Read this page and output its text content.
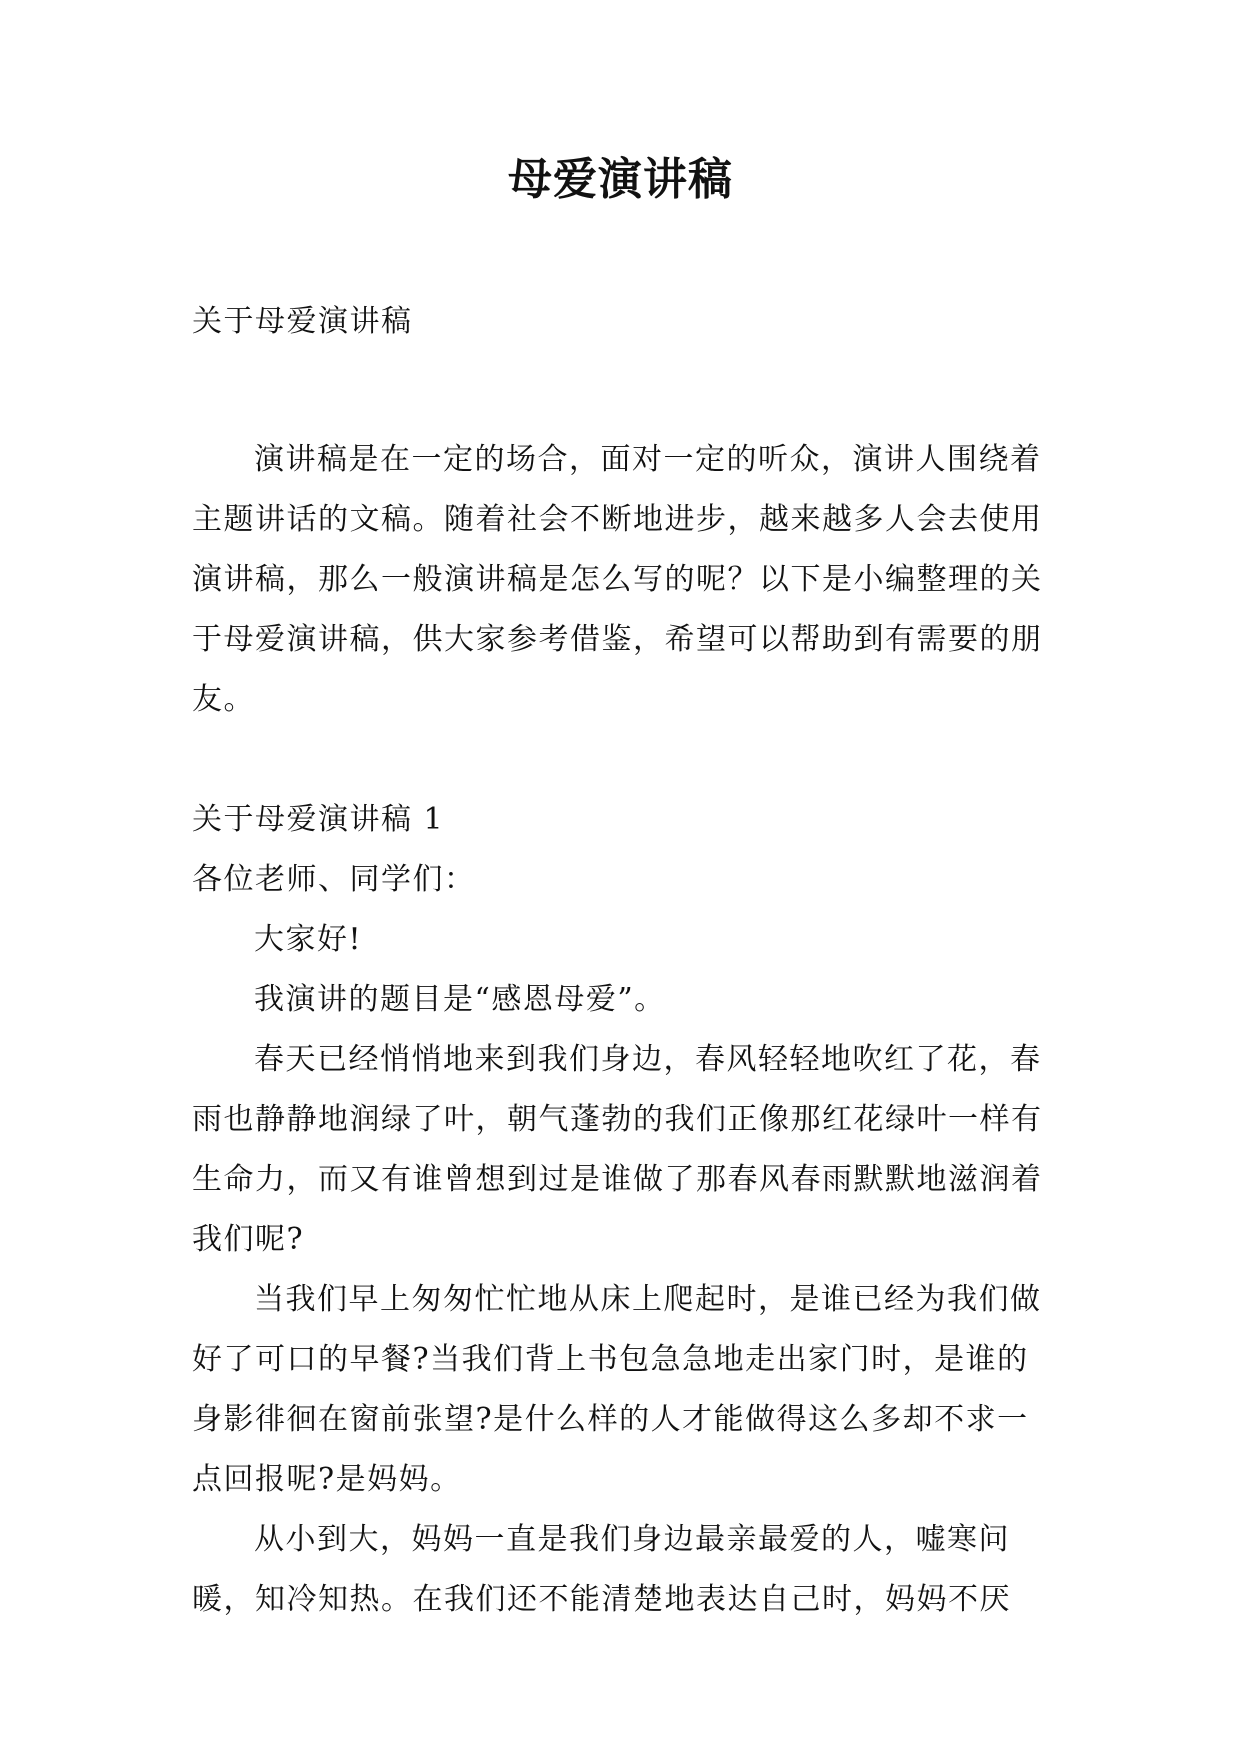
母爱演讲稿
关于母爱演讲稿
演讲稿是在一定的场合，面对一定的听众，演讲人围绕着主题讲话的文稿。随着社会不断地进步，越来越多人会去使用演讲稿，那么一般演讲稿是怎么写的呢？以下是小编整理的关于母爱演讲稿，供大家参考借鉴，希望可以帮助到有需要的朋友。
关于母爱演讲稿 1
各位老师、同学们：
大家好!
我演讲的题目是“感恩母爱”。
春天已经悄悄地来到我们身边，春风轻轻地吹红了花，春雨也静静地润绿了叶，朝气蓬勃的我们正像那红花绿叶一样有生命力，而又有谁曾想到过是谁做了那春风春雨默默地滋润着我们呢?
当我们早上匆匆忙忙地从床上爬起时，是谁已经为我们做好了可口的早餐?当我们背上书包急急地走出家门时，是谁的身影徘徊在窗前张望?是什么样的人才能做得这么多却不求一点回报呢?是妈妈。
从小到大，妈妈一直是我们身边最亲最爱的人，嘘寒问暖，知冷知热。在我们还不能清楚地表达自己时，妈妈不厌
